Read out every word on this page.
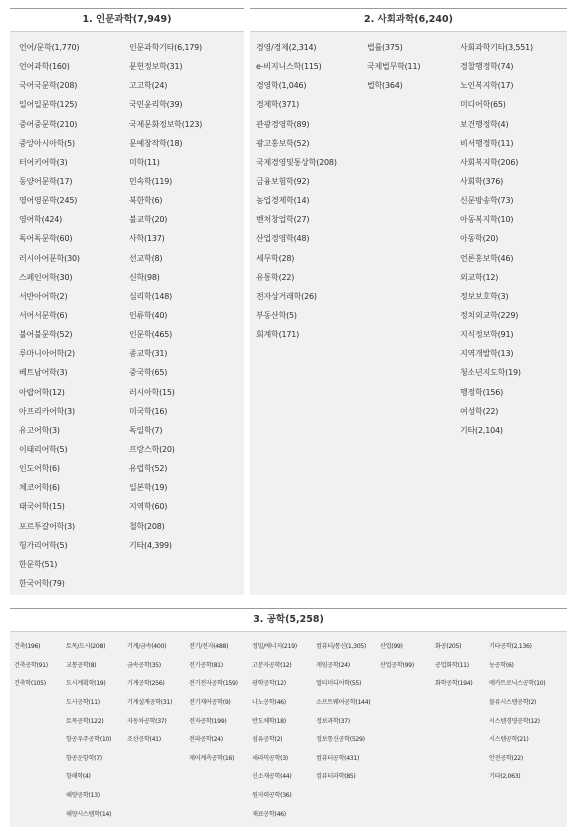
1. 인문과학(7,949)
언어/문학(1,770)
언어과학(160)
국어국문학(208)
일어일문학(125)
중어중문학(210)
중앙아시아학(5)
터어키어학(3)
동양어문학(17)
영어영문학(245)
영어학(424)
독어독문학(60)
러시아어문학(30)
스페인어학(30)
서반아어학(2)
서어서문학(6)
불어불문학(52)
루마니아어학(2)
베트남어학(3)
아랍어학(12)
아프리카어학(3)
유고어학(3)
이태리어학(5)
인도어학(6)
체코어학(6)
태국어학(15)
포르투갈어학(3)
헝가리어학(5)
한문학(51)
한국어학(79)
인문과학기타(6,179)
문헌정보학(31)
고고학(24)
국민윤리학(39)
국제문화정보학(123)
문예창작학(18)
미학(11)
민속학(119)
북한학(6)
불교학(20)
사학(137)
선교학(8)
신학(98)
심리학(148)
인류학(40)
인문학(465)
종교학(31)
중국학(65)
러시아학(15)
미국학(16)
독일학(7)
프랑스학(20)
유럽학(52)
일본학(19)
지역학(60)
철학(208)
기타(4,399)
2. 사회과학(6,240)
경영/경제(2,314)
e-비지니스학(115)
경영학(1,046)
경제학(371)
관광경영학(89)
광고홍보학(52)
국제경영및통상학(208)
금융보험학(92)
농업경제학(14)
벤처창업학(27)
산업경영학(48)
세무학(28)
유통학(22)
전자상거래학(26)
부동산학(5)
회계학(171)
법률(375)
국제법무학(11)
법학(364)
사회과학기타(3,551)
경찰행정학(74)
노인복지학(17)
미디어학(65)
보건행정학(4)
비서행정학(11)
사회복지학(206)
사회학(376)
신문방송학(73)
아동복지학(10)
아동학(20)
언론홍보학(46)
외교학(12)
정보보호학(3)
정치외교학(229)
지식정보학(91)
지역개발학(13)
청소년지도학(19)
행정학(156)
여성학(22)
기타(2,104)
3. 공학(5,258)
건축(196)
건축공학(91)
건축학(105)
토목/도시(208)
교통공학(8)
도시계획학(19)
도시공학(11)
토목공학(122)
항공우주공학(10)
항공운항학(7)
항해학(4)
해양공학(13)
해양시스템학(14)
기계/금속(400)
금속공학(35)
기계공학(256)
기계설계공학(31)
자동차공학(37)
조선공학(41)
전기/전자(488)
전기공학(81)
전기전자공학(159)
전기제어공학(9)
전자공학(199)
전파공학(24)
제어계측공학(16)
정밀/에너지(219)
고분자공학(12)
광학공학(12)
나노공학(46)
반도체학(18)
섬유공학(2)
세라믹공학(3)
신소재공학(44)
원자력공학(36)
재료공학(46)
컴퓨터/통신(1,305)
게임공학(24)
멀티미디어학(55)
소프트웨어공학(144)
정보과학(37)
정보통신공학(529)
컴퓨터공학(431)
컴퓨터과학(85)
산업(99)
산업공학(99)
화공(205)
공업화학(11)
화학공학(194)
기타공학(2,136)
농공학(6)
메카트로닉스공학(10)
물류시스템공학(2)
시스템경영공학(12)
시스템공학(21)
안전공학(22)
기타(2,063)
